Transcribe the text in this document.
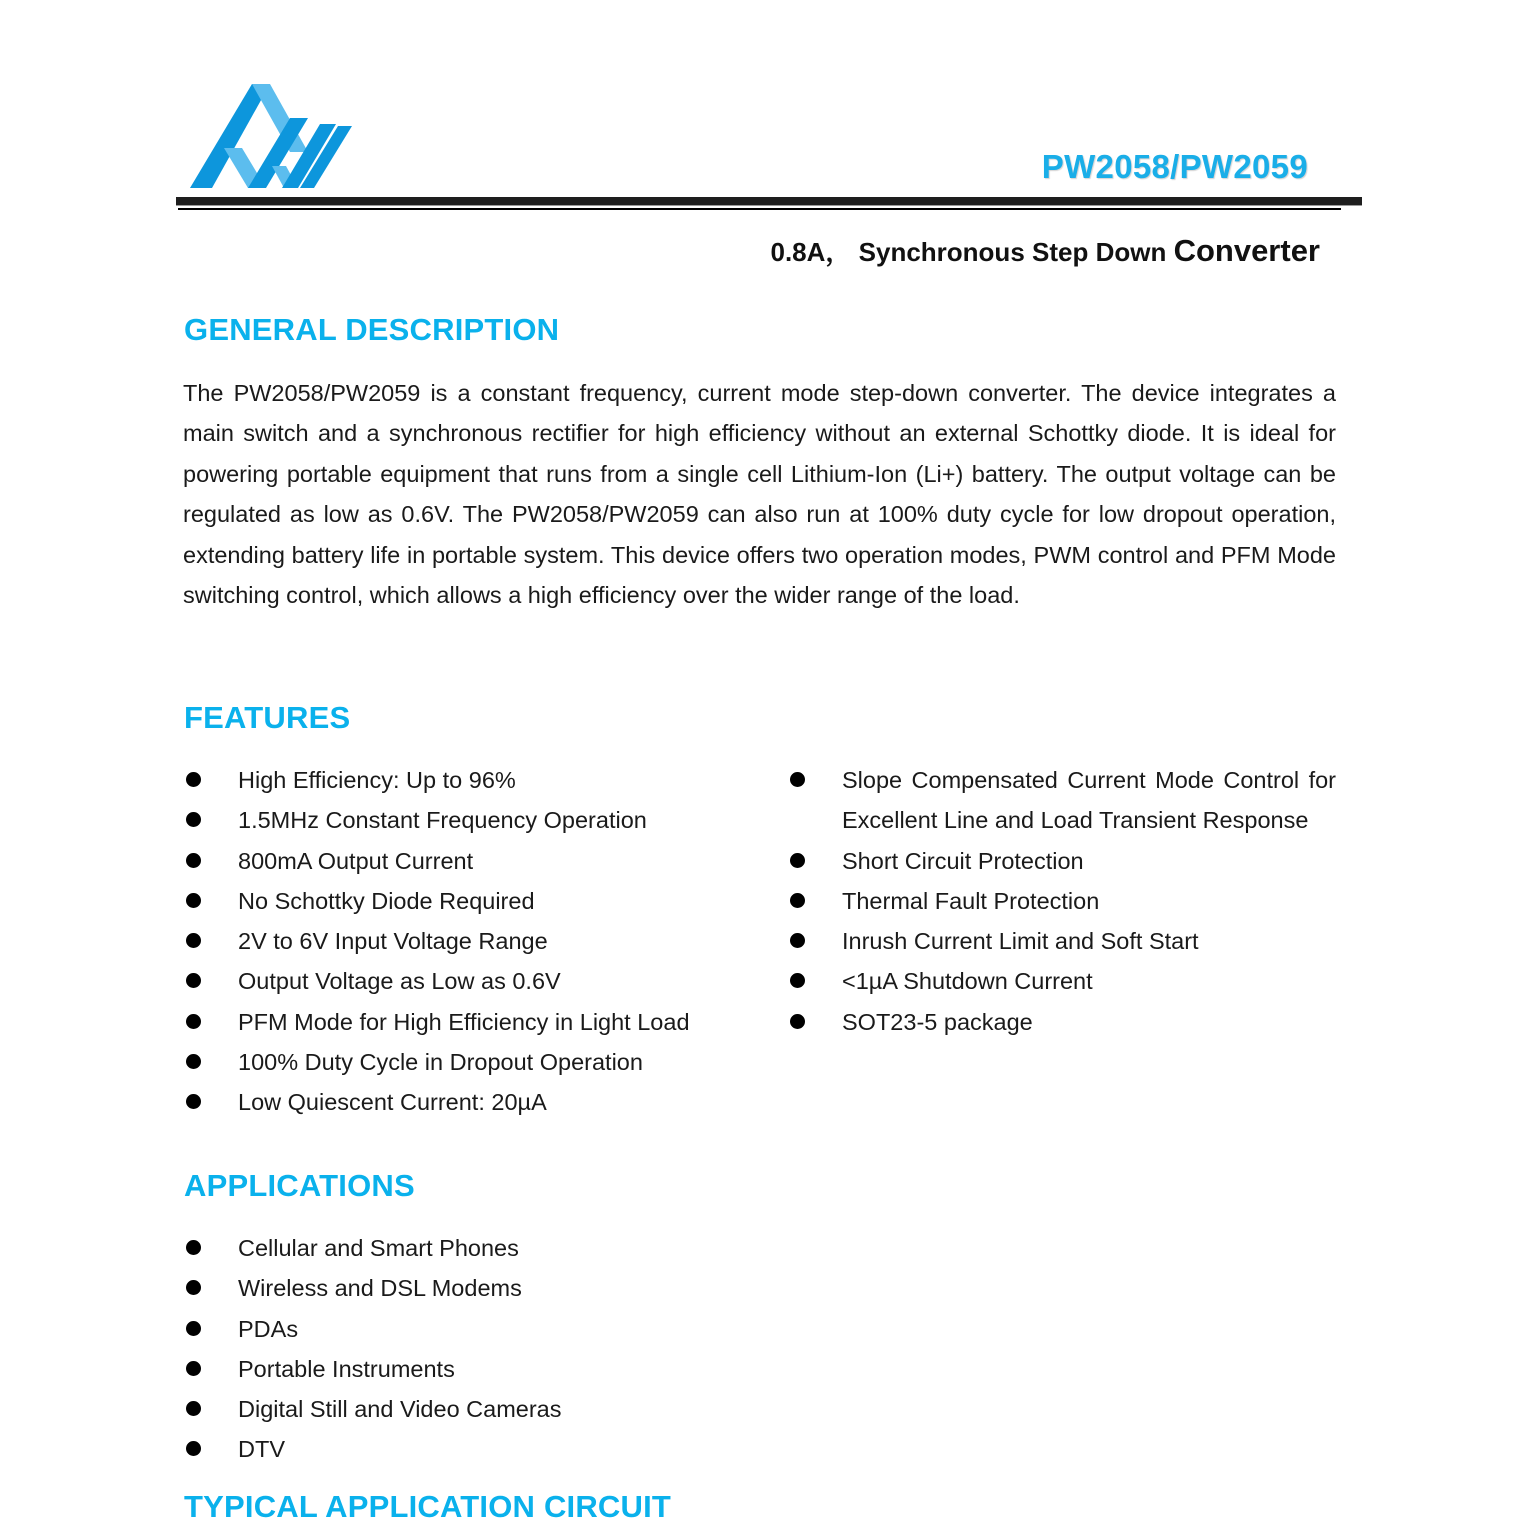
PW2058/PW2059
0.8A， Synchronous Step Down Converter
GENERAL DESCRIPTION

The PW2058/PW2059 is a constant frequency, current mode step-down converter. The device integrates a main switch and a synchronous rectifier for high efficiency without an external Schottky diode. It is ideal for powering portable equipment that runs from a single cell Lithium-Ion (Li+) battery. The output voltage can be regulated as low as 0.6V. The PW2058/PW2059 can also run at 100% duty cycle for low dropout operation, extending battery life in portable system. This device offers two operation modes, PWM control and PFM Mode switching control, which allows a high efficiency over the wider range of the load.

FEATURES
High Efficiency: Up to 96%
1.5MHz Constant Frequency Operation
800mA Output Current
No Schottky Diode Required
2V to 6V Input Voltage Range
Output Voltage as Low as 0.6V
PFM Mode for High Efficiency in Light Load
100% Duty Cycle in Dropout Operation
Low Quiescent Current: 20µA
Slope Compensated Current Mode Control for Excellent Line and Load Transient Response
Short Circuit Protection
Thermal Fault Protection
Inrush Current Limit and Soft Start
<1µA Shutdown Current
SOT23-5 package
APPLICATIONS
Cellular and Smart Phones
Wireless and DSL Modems
PDAs
Portable Instruments
Digital Still and Video Cameras
DTV
TYPICAL APPLICATION CIRCUIT
